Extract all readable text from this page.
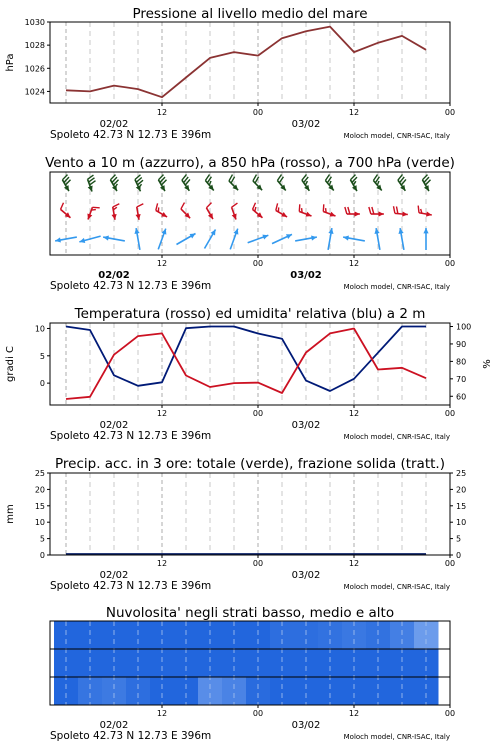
Pressione al livello medio del mare
1024
1026
1028
1030
hPa
12	00	12	00
02/02	03/02
Spoleto 42.73 N 12.73 E 396m	Moloch model, CNR-ISAC, Italy
Vento a 10 m (azzurro), a 850 hPa (rosso), a 700 hPa (verde)
12	00	12	00
02/02	03/02
Spoleto 42.73 N 12.73 E 396m	Moloch model, CNR-ISAC, Italy
Temperatura (rosso) ed umidita' relativa (blu) a 2 m
0
5
10
60
70
80
90
100
gradi C	%
12	00	12	00
02/02	03/02
Spoleto 42.73 N 12.73 E 396m	Moloch model, CNR-ISAC, Italy
Precip. acc. in 3 ore: totale (verde), frazione solida (tratt.)
0
5
10
15
20
25
0
5
10
15
20
25
mm
12	00	12	00
02/02	03/02
Spoleto 42.73 N 12.73 E 396m	Moloch model, CNR-ISAC, Italy
Nuvolosita' negli strati basso, medio e alto
12	00	12	00
02/02	03/02
Spoleto 42.73 N 12.73 E 396m	Moloch model, CNR-ISAC, Italy
